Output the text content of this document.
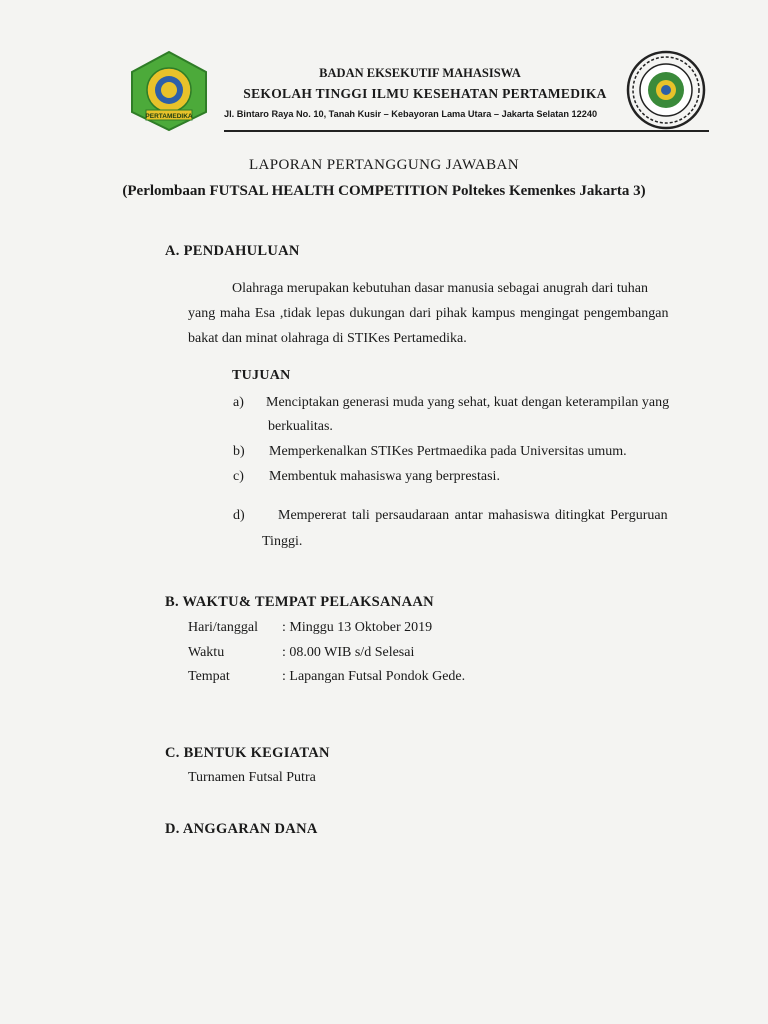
PERTAMEDIKA
BADAN EKSEKUTIF MAHASISWA
SEKOLAH TINGGI ILMU KESEHATAN PERTAMEDIKA
Jl. Bintaro Raya No. 10, Tanah Kusir – Kebayoran Lama Utara – Jakarta Selatan 12240
LAPORAN PERTANGGUNG JAWABAN
(Perlombaan FUTSAL HEALTH COMPETITION Poltekes Kemenkes Jakarta 3)
A. PENDAHULUAN
Olahraga merupakan kebutuhan dasar manusia sebagai anugrah dari tuhan
yang maha Esa ,tidak lepas dukungan dari pihak kampus mengingat pengembangan
bakat dan minat olahraga di STIKes Pertamedika.
TUJUAN
a) Menciptakan generasi muda yang sehat, kuat dengan keterampilan yang
berkualitas.
b) Memperkenalkan STIKes Pertmaedika pada Universitas umum.
c) Membentuk mahasiswa yang berprestasi.
d) Mempererat tali persaudaraan antar mahasiswa ditingkat Perguruan
Tinggi.
B. WAKTU& TEMPAT PELAKSANAAN
Hari/tanggal : Minggu 13 Oktober 2019
Waktu	: 08.00 WIB s/d Selesai
Tempat	: Lapangan Futsal Pondok Gede.
C. BENTUK KEGIATAN
Turnamen Futsal Putra
D. ANGGARAN DANA
